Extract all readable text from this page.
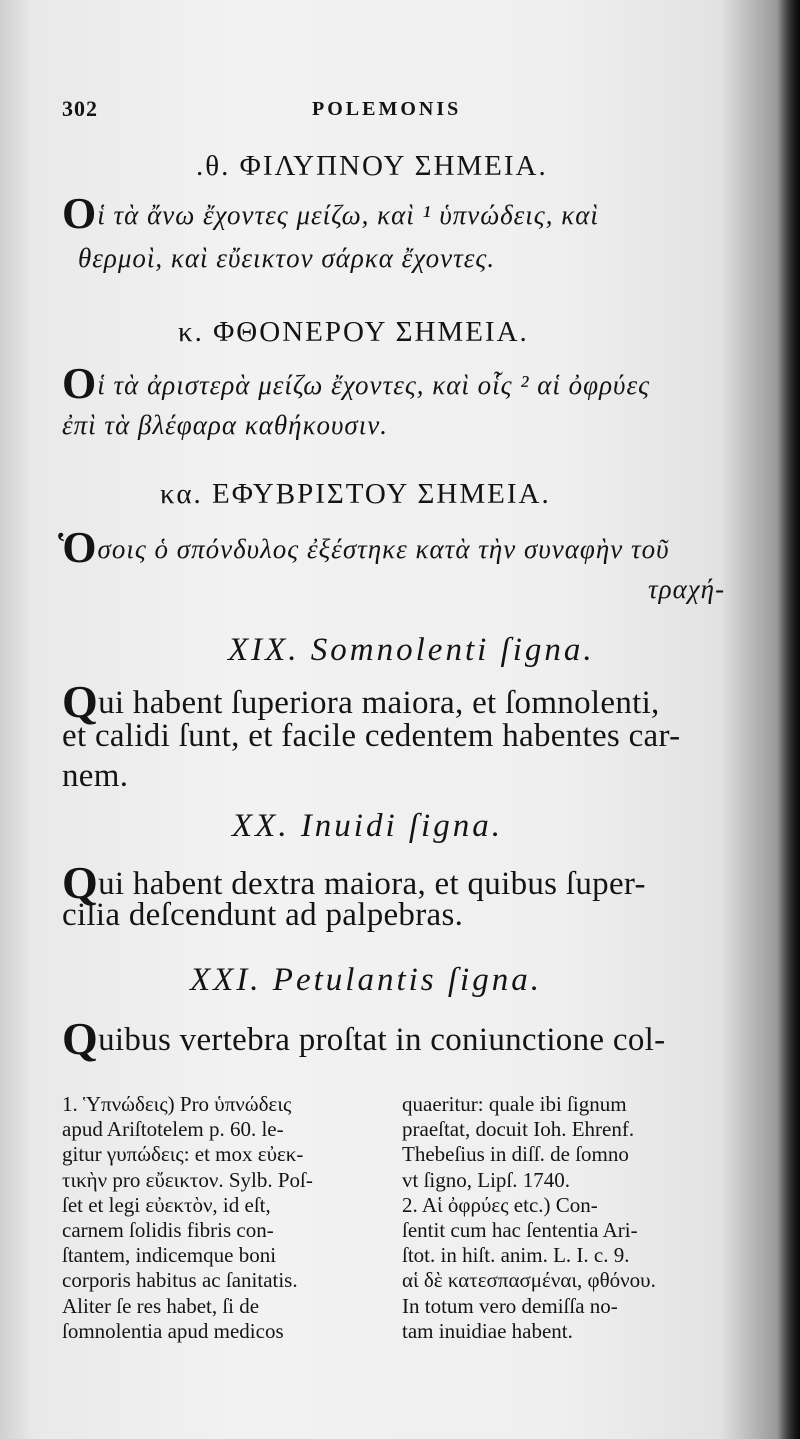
302	POLEMONIS
.θ. ΦΙΛΥΠΝΟΥ ΣΗΜΕΙΑ.
Οἱ τὰ ἄνω ἔχοντες μείζω, καὶ ¹ ὑπνώδεις, καὶ
θερμοὶ, καὶ εὔεικτον σάρκα ἔχοντες.
κ. ΦΘΟΝΕΡΟΥ ΣΗΜΕΙΑ.
Οἱ τὰ ἀριστερὰ μείζω ἔχοντες, καὶ οἷς ² αἱ ὀφρύες
ἐπὶ τὰ βλέφαρα καθήκουσιν.
κα. ΕΦΥΒΡΙΣΤΟΥ ΣΗΜΕΙΑ.
Ὁσοις ὁ σπόνδυλος ἐξέστηκε κατὰ τὴν συναφὴν τοῦ
τραχή-
XIX. Somnolenti ſigna.
Qui habent ſuperiora maiora, et ſomnolenti,
et calidi ſunt, et facile cedentem habentes car-
nem.
XX. Inuidi ſigna.
Qui habent dextra maiora, et quibus ſuper-
cilia deſcendunt ad palpebras.
XXI. Petulantis ſigna.
Quibus vertebra proſtat in coniunctione col-
1. Ὑπνώδεις) Pro ὑπνώδεις
apud Ariſtotelem p. 60. le-
gitur γυπώδεις: et mox εὐεκ-
τικὴν pro εὔεικτον. Sylb. Poſ-
ſet et legi εὐεκτὸν, id eſt,
carnem ſolidis fibris con-
ſtantem, indicemque boni
corporis habitus ac ſanitatis.
Aliter ſe res habet, ſi de
ſomnolentia apud medicos
quaeritur: quale ibi ſignum
praeſtat, docuit Ioh. Ehrenf.
Thebeſius in diſſ. de ſomno
vt ſigno, Lipſ. 1740.
2. Αἱ ὀφρύες etc.) Con-
ſentit cum hac ſententia Ari-
ſtot. in hiſt. anim. L. I. c. 9.
αἱ δὲ κατεσπασμέναι, φθόνου.
In totum vero demiſſa no-
tam inuidiae habent.
